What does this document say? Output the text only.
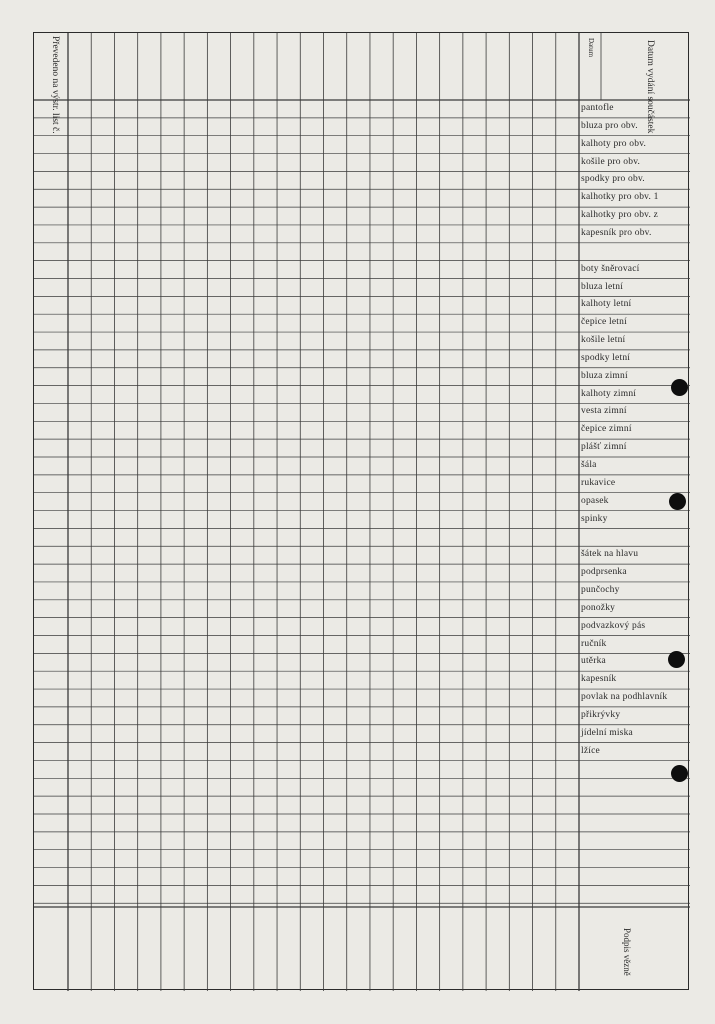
Převedeno na výstr. list č.	Datum	Datum vydání součástek
pantofle
bluza pro obv.
kalhoty pro obv.
košile pro obv.
spodky pro obv.
kalhotky pro obv. 1
kalhotky pro obv. z
kapesník pro obv.
boty šněrovací
bluza letní
kalhoty letní
čepice letní
košile letní
spodky letní
bluza zimní
kalhoty zimní
vesta zimní
čepice zimní
plášť zimní
šála
rukavice
opasek
spinky
šátek na hlavu
podprsenka
punčochy
ponožky
podvazkový pás
ručník
utěrka
kapesník
povlak na podhlavník
přikrývky
jídelní miska
lžíce
Podpis vězně
